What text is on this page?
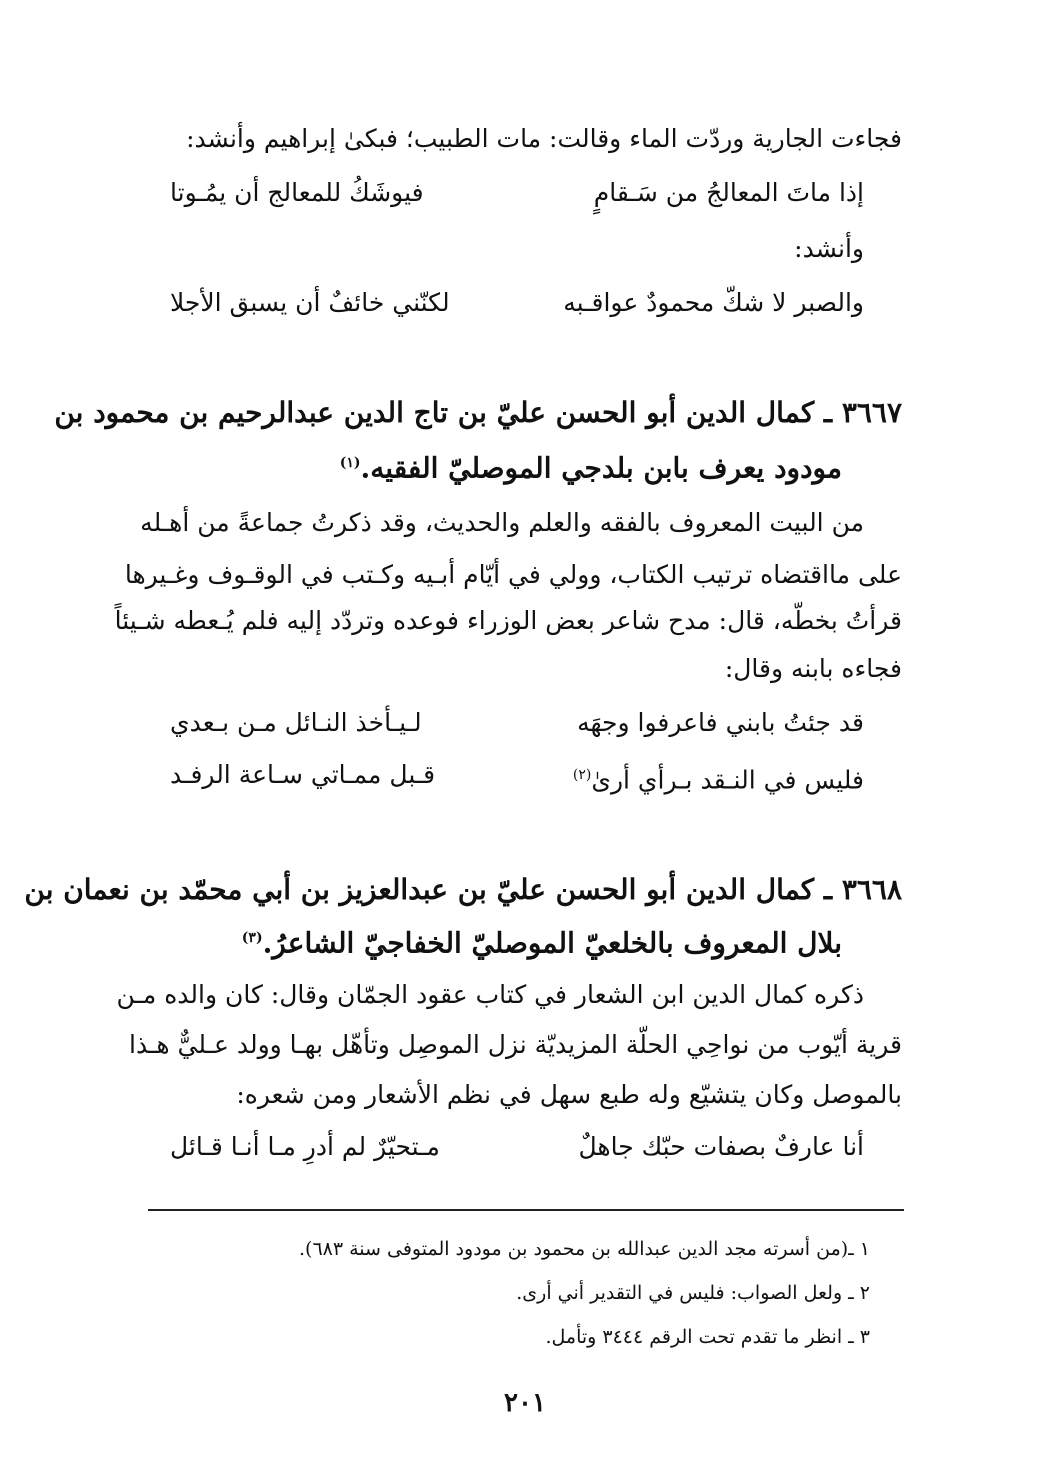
فجاءت الجارية وردّت الماء وقالت: مات الطبيب؛ فبكىٰ إبراهيم وأنشد:
إذا ماتَ المعالجُ من سَـقامٍ
فيوشَكُ للمعالج أن يمُـوتا
وأنشد:
والصبر لا شكّ محمودٌ عواقـبه
لكنّني خائفٌ أن يسبق الأجلا
٣٦٦٧ ـ كمال الدين أبو الحسن عليّ بن تاج الدين عبدالرحيم بن محمود بن
مودود يعرف بابن بلدجي الموصليّ الفقيه.$^{(١)}$
من البيت المعروف بالفقه والعلم والحديث، وقد ذكرتُ جماعةً من أهـله
على مااقتضاه ترتيب الكتاب، وولي في أيّام أبـيه وكـتب في الوقـوف وغـيرها
قرأتُ بخطّه، قال: مدح شاعر بعض الوزراء فوعده وتردّد إليه فلم يُـعطه شـيئاً
فجاءه بابنه وقال:
قد جئتُ بابني فاعرفوا وجهَه
لـيـأخذ النـائل مـن بـعدي
فليس في النـقد بـرأي أرىٰ$^{(٢)}$
قـبل ممـاتي سـاعة الرفـد
٣٦٦٨ ـ كمال الدين أبو الحسن عليّ بن عبدالعزيز بن أبي محمّد بن نعمان بن
بلال المعروف بالخلعيّ الموصليّ الخفاجيّ الشاعرُ.$^{(٣)}$
ذكره كمال الدين ابن الشعار في كتاب عقود الجمّان وقال: كان والده مـن
قرية أيّوب من نواحِي الحلّة المزيديّة نزل الموصِل وتأهّل بهـا وولد عـليٌّ هـذا
بالموصل وكان يتشيّع وله طبع سهل في نظم الأشعار ومن شعره:
أنا عارفٌ بصفات حبّك جاهلٌ
مـتحيّرٌ لم أدرِ مـا أنـا قـائل
١ ـ(من أسرته مجد الدين عبدالله بن محمود بن مودود المتوفى سنة ٦٨٣).
٢ ـ ولعل الصواب: فليس في التقدير أني أرى.
٣ ـ انظر ما تقدم تحت الرقم ٣٤٤٤ وتأمل.
٢٠١
